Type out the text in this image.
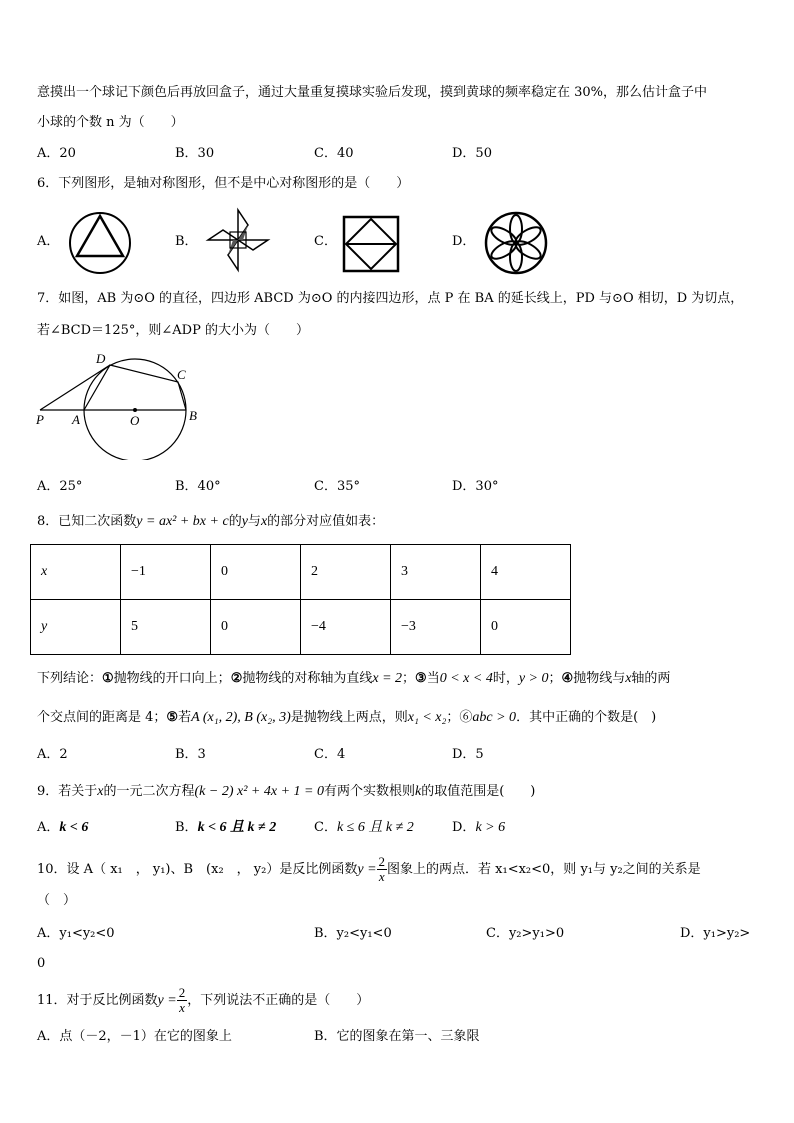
意摸出一个球记下颜色后再放回盒子，通过大量重复摸球实验后发现，摸到黄球的频率稳定在 30%，那么估计盒子中
小球的个数 n 为（　　）
A．20	B．30	C．40	D．50
6．下列图形，是轴对称图形，但不是中心对称图形的是（　　）
A．	B．	C．	D．
7．如图，AB 为⊙O 的直径，四边形 ABCD 为⊙O 的内接四边形，点 P 在 BA 的延长线上，PD 与⊙O 相切，D 为切点，
若∠BCD＝125°，则∠ADP 的大小为（　　）
D
C
P A	O	B
A．25°	B．40°	C．35°	D．30°
8．已知二次函数y = ax² + bx + c的y与x的部分对应值如表：
x	−1	0	2	3	4
y	5	0	−4	−3	0
下列结论：①抛物线的开口向上；②抛物线的对称轴为直线x = 2；③当0 < x < 4时，y > 0；④抛物线与x轴的两
个交点间的距离是 4；⑤若A (x₁, 2), B (x₂, 3)是抛物线上两点，则x₁ < x₂；⑥abc > 0．其中正确的个数是(　)
A．2	B．3	C．4	D．5
9．若关于x的一元二次方程(k − 2) x² + 4x + 1 = 0有两个实数根则k的取值范围是(　　)
A．k < 6	B．k < 6 且 k ≠ 2	C．k ≤ 6 且 k ≠ 2	D．k > 6
10．设 A（ x₁　， y₁)、B　(x₂　， y₂）是反比例函数$y = \frac{2}{x}$ 图象上的两点．若 x₁<x₂<0，则 y₁与 y₂之间的关系是
（　）
A．y₁<y₂<0	B．y₂<y₁<0	C．y₂>y₁>0	D．y₁>y₂>
0
11．对于反比例函数$y = \frac{2}{x}$ ，下列说法不正确的是（　　）
A．点（－2，－1）在它的图象上	B．它的图象在第一、三象限
